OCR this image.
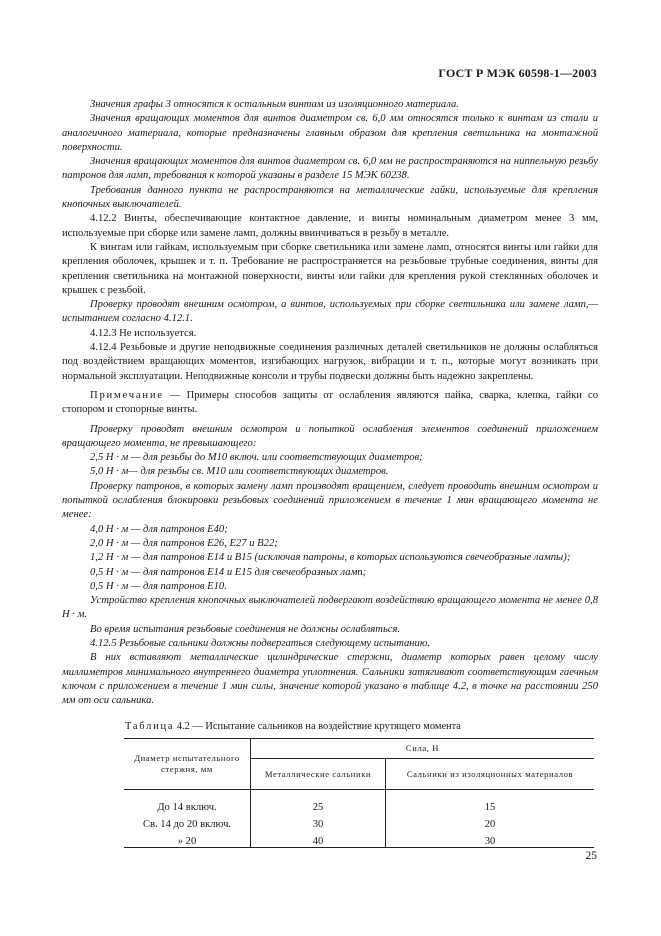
ГОСТ Р МЭК 60598-1—2003

Значения графы 3 относятся к остальным винтам из изоляционного материала.

Значения вращающих моментов для винтов диаметром св. 6,0 мм относятся только к винтам из стали и аналогичного материала, которые предназначены главным образом для крепления светильника на монтажной поверхности.

Значения вращающих моментов для винтов диаметром св. 6,0 мм не распространяются на ниппельную резьбу патронов для ламп, требования к которой указаны в разделе 15 МЭК 60238.

Требования данного пункта не распространяются на металлические гайки, используемые для крепления кнопочных выключателей.

4.12.2 Винты, обеспечивающие контактное давление, и винты номинальным диаметром менее 3 мм, используемые при сборке или замене ламп, должны ввинчиваться в резьбу в металле.

К винтам или гайкам, используемым при сборке светильника или замене ламп, относятся винты или гайки для крепления оболочек, крышек и т. п. Требование не распространяется на резьбовые трубные соединения, винты для крепления светильника на монтажной поверхности, винты или гайки для крепления рукой стеклянных оболочек и крышек с резьбой.

Проверку проводят внешним осмотром, а винтов, используемых при сборке светильника или замене ламп,— испытанием согласно 4.12.1.

4.12.3 Не используется.

4.12.4 Резьбовые и другие неподвижные соединения различных деталей светильников не должны ослабляться под воздействием вращающих моментов, изгибающих нагрузок, вибрации и т. п., которые могут возникать при нормальной эксплуатации. Неподвижные консоли и трубы подвески должны быть надежно закреплены.

Примечание — Примеры способов защиты от ослабления являются пайка, сварка, клепка, гайки со стопором и стопорные винты.

Проверку проводят внешним осмотром и попыткой ослабления элементов соединений приложением вращающего момента, не превышающего:

2,5 Н · м — для резьбы до М10 включ. или соответствующих диаметров;

5,0 Н · м— для резьбы св. М10 или соответствующих диаметров.

Проверку патронов, в которых замену ламп производят вращением, следует проводить внешним осмотром и попыткой ослабления блокировки резьбовых соединений приложением в течение 1 мин вращающего момента не менее:

4,0 Н · м — для патронов Е40;

2,0 Н · м — для патронов Е26, Е27 и В22;

1,2 Н · м — для патронов Е14 и В15 (исключая патроны, в которых используются свечеобразные лампы);

0,5 Н · м — для патронов Е14 и Е15 для свечеобразных ламп;

0,5 Н · м — для патронов Е10.

Устройство крепления кнопочных выключателей подвергают воздействию вращающего момента не менее 0,8 Н · м.

Во время испытания резьбовые соединения не должны ослабляться.

4.12.5 Резьбовые сальники должны подвергаться следующему испытанию.

В них вставляют металлические цилиндрические стержни, диаметр которых равен целому числу миллиметров минимального внутреннего диаметра уплотнения. Сальники затягивают соответствующим гаечным ключом с приложением в течение 1 мин силы, значение которой указано в таблице 4.2, в точке на расстоянии 250 мм от оси сальника.

Таблица 4.2 — Испытание сальников на воздействие крутящего момента

Диаметр испытательного стержня, мм	Сила, Н	
	Металлические сальники	Сальники из изоляционных материалов
До 14 включ.	25	15
Св. 14 до 20 включ.	30	20
» 20	40	30
25
